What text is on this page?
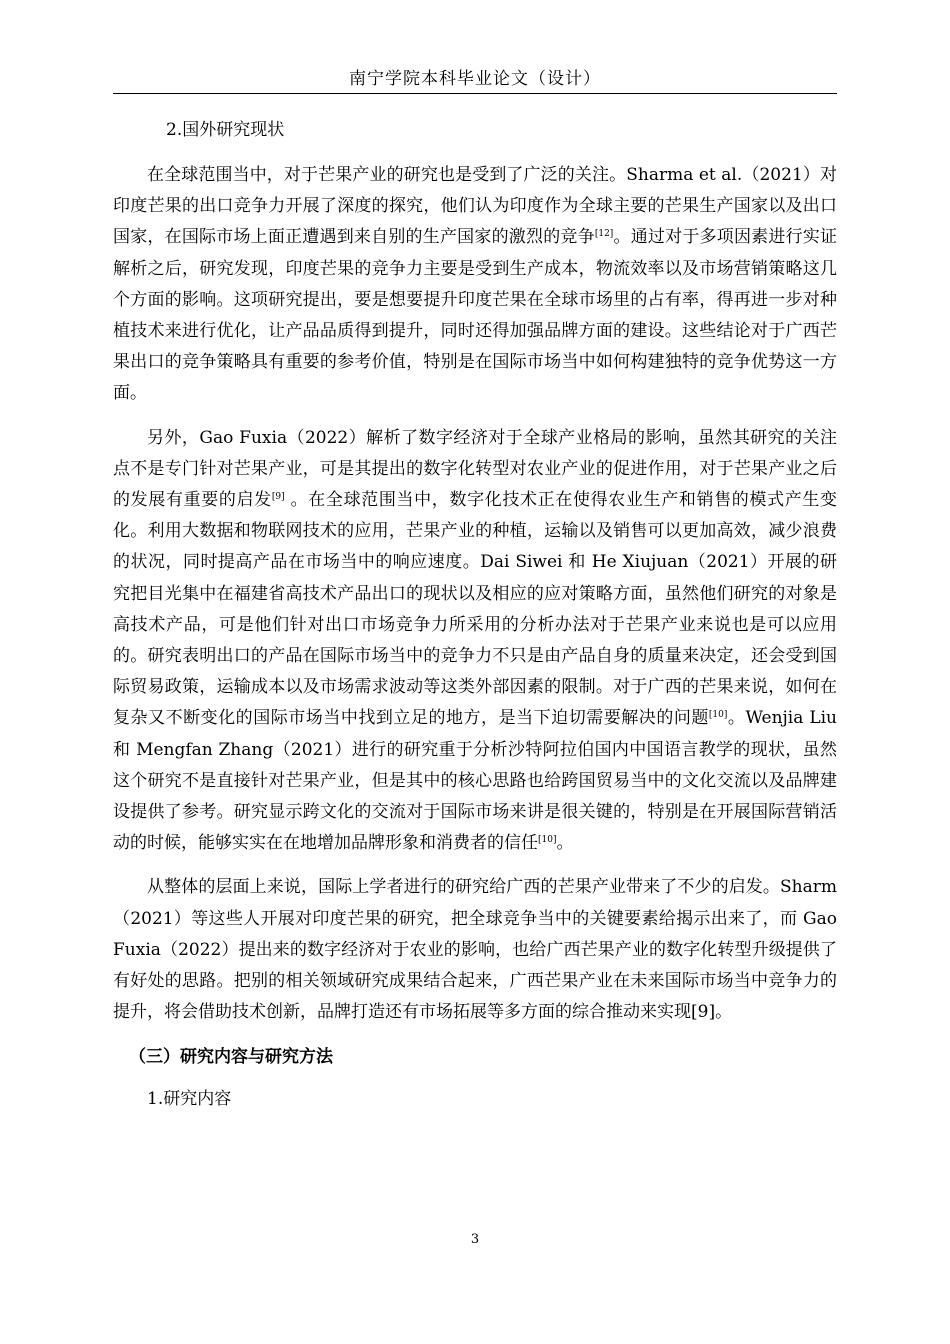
南宁学院本科毕业论文（设计）
2.国外研究现状

在全球范围当中，对于芒果产业的研究也是受到了广泛的关注。Sharma et al.（2021）对印度芒果的出口竞争力开展了深度的探究，他们认为印度作为全球主要的芒果生产国家以及出口国家，在国际市场上面正遭遇到来自别的生产国家的激烈的竞争[12]。通过对于多项因素进行实证解析之后，研究发现，印度芒果的竞争力主要是受到生产成本，物流效率以及市场营销策略这几个方面的影响。这项研究提出，要是想要提升印度芒果在全球市场里的占有率，得再进一步对种植技术来进行优化，让产品品质得到提升，同时还得加强品牌方面的建设。这些结论对于广西芒果出口的竞争策略具有重要的参考价值，特别是在国际市场当中如何构建独特的竞争优势这一方面。

另外，Gao Fuxia（2022）解析了数字经济对于全球产业格局的影响，虽然其研究的关注点不是专门针对芒果产业，可是其提出的数字化转型对农业产业的促进作用，对于芒果产业之后的发展有重要的启发[9] 。在全球范围当中，数字化技术正在使得农业生产和销售的模式产生变化。利用大数据和物联网技术的应用，芒果产业的种植，运输以及销售可以更加高效，减少浪费的状况，同时提高产品在市场当中的响应速度。Dai Siwei 和 He Xiujuan（2021）开展的研究把目光集中在福建省高技术产品出口的现状以及相应的应对策略方面，虽然他们研究的对象是高技术产品，可是他们针对出口市场竞争力所采用的分析办法对于芒果产业来说也是可以应用的。研究表明出口的产品在国际市场当中的竞争力不只是由产品自身的质量来决定，还会受到国际贸易政策，运输成本以及市场需求波动等这类外部因素的限制。对于广西的芒果来说，如何在复杂又不断变化的国际市场当中找到立足的地方，是当下迫切需要解决的问题[10]。Wenjia Liu 和 Mengfan Zhang（2021）进行的研究重于分析沙特阿拉伯国内中国语言教学的现状，虽然这个研究不是直接针对芒果产业，但是其中的核心思路也给跨国贸易当中的文化交流以及品牌建设提供了参考。研究显示跨文化的交流对于国际市场来讲是很关键的，特别是在开展国际营销活动的时候，能够实实在在地增加品牌形象和消费者的信任[10]。

从整体的层面上来说，国际上学者进行的研究给广西的芒果产业带来了不少的启发。Sharm（2021）等这些人开展对印度芒果的研究，把全球竞争当中的关键要素给揭示出来了，而 Gao Fuxia（2022）提出来的数字经济对于农业的影响，也给广西芒果产业的数字化转型升级提供了有好处的思路。把别的相关领域研究成果结合起来，广西芒果产业在未来国际市场当中竞争力的提升，将会借助技术创新，品牌打造还有市场拓展等多方面的综合推动来实现[9]。

（三）研究内容与研究方法
1.研究内容
3
